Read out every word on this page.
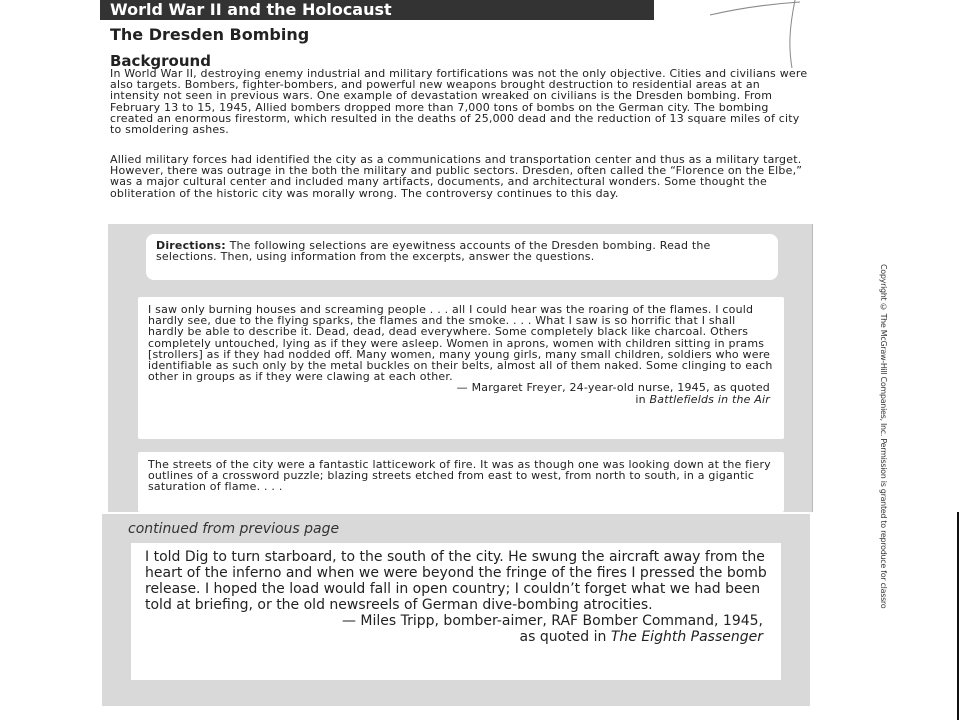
World War II and the Holocaust
The Dresden Bombing
Background

In World War II, destroying enemy industrial and military fortifications was not the only objective. Cities and civilians were also targets. Bombers, fighter-bombers, and powerful new weapons brought destruction to residential areas at an intensity not seen in previous wars. One example of devastation wreaked on civilians is the Dresden bombing. From February 13 to 15, 1945, Allied bombers dropped more than 7,000 tons of bombs on the German city. The bombing created an enormous firestorm, which resulted in the deaths of 25,000 dead and the reduction of 13 square miles of city to smoldering ashes.

Allied military forces had identified the city as a communications and transportation center and thus as a military target. However, there was outrage in the both the military and public sectors. Dresden, often called the “Florence on the Elbe,” was a major cultural center and included many artifacts, documents, and architectural wonders. Some thought the obliteration of the historic city was morally wrong. The controversy continues to this day.

Directions: The following selections are eyewitness accounts of the Dresden bombing. Read the selections. Then, using information from the excerpts, answer the questions.
I saw only burning houses and screaming people . . . all I could hear was the roaring of the flames. I could hardly see, due to the flying sparks, the flames and the smoke. . . . What I saw is so horrific that I shall hardly be able to describe it. Dead, dead, dead everywhere. Some completely black like charcoal. Others completely untouched, lying as if they were asleep. Women in aprons, women with children sitting in prams [strollers] as if they had nodded off. Many women, many young girls, many small children, soldiers who were identifiable as such only by the metal buckles on their belts, almost all of them naked. Some clinging to each other in groups as if they were clawing at each other.
— Margaret Freyer, 24-year-old nurse, 1945, as quoted
in Battlefields in the Air
The streets of the city were a fantastic latticework of fire. It was as though one was looking down at the fiery outlines of a crossword puzzle; blazing streets etched from east to west, from north to south, in a gigantic saturation of flame. . . .	Copyright © The McGraw-Hill Companies, Inc. Permission is granted to reproduce for classro
continued from previous page
I told Dig to turn starboard, to the south of the city. He swung the aircraft away from the heart of the inferno and when we were beyond the fringe of the fires I pressed the bomb release. I hoped the load would fall in open country; I couldn’t forget what we had been told at briefing, or the old newsreels of German dive-bombing atrocities.
— Miles Tripp, bomber-aimer, RAF Bomber Command, 1945,
as quoted in The Eighth Passenger
